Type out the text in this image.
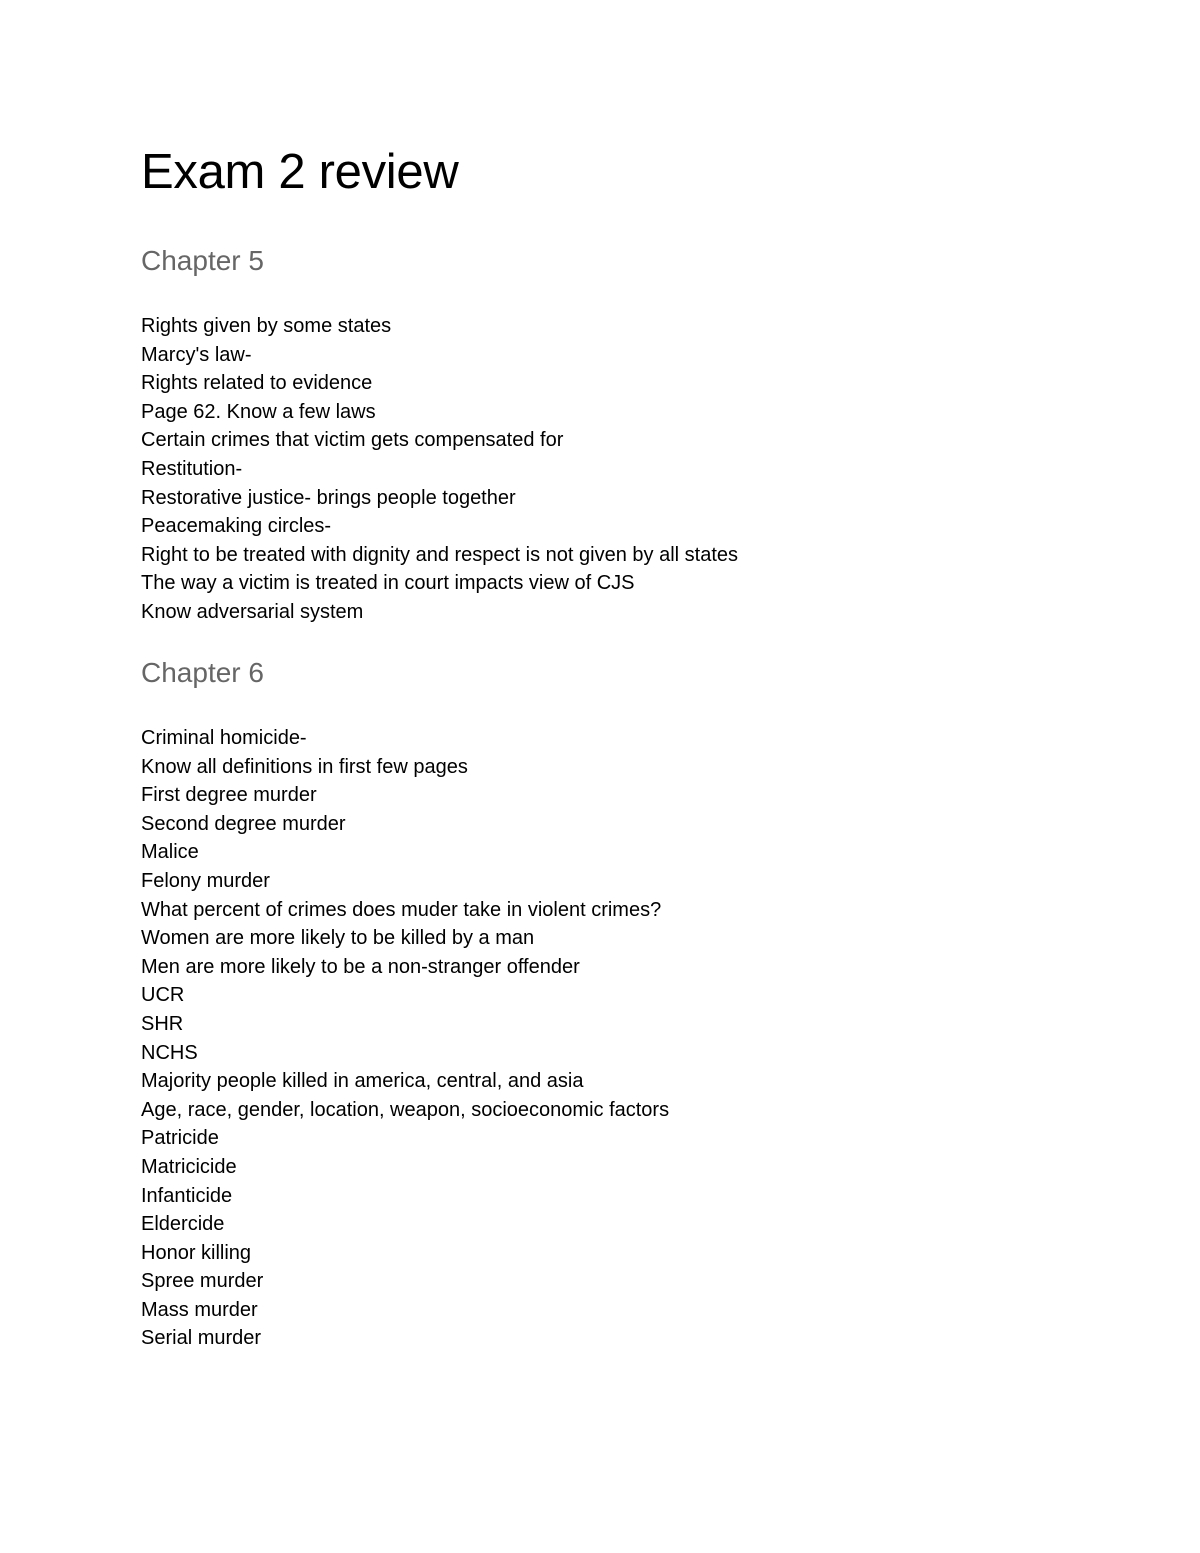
Exam 2 review
Chapter 5
Rights given by some states
Marcy's law-
Rights related to evidence
Page 62. Know a few laws
Certain crimes that victim gets compensated for
Restitution-
Restorative justice- brings people together
Peacemaking circles-
Right to be treated with dignity and respect is not given by all states
The way a victim is treated in court impacts view of CJS
Know adversarial system
Chapter 6
Criminal homicide-
Know all definitions in first few pages
First degree murder
Second degree murder
Malice
Felony murder
What percent of crimes does muder take in violent crimes?
Women are more likely to be killed by a man
Men are more likely to be a non-stranger offender
UCR
SHR
NCHS
Majority people killed in america, central, and asia
Age, race, gender, location, weapon, socioeconomic factors
Patricide
Matricicide
Infanticide
Eldercide
Honor killing
Spree murder
Mass murder
Serial murder
